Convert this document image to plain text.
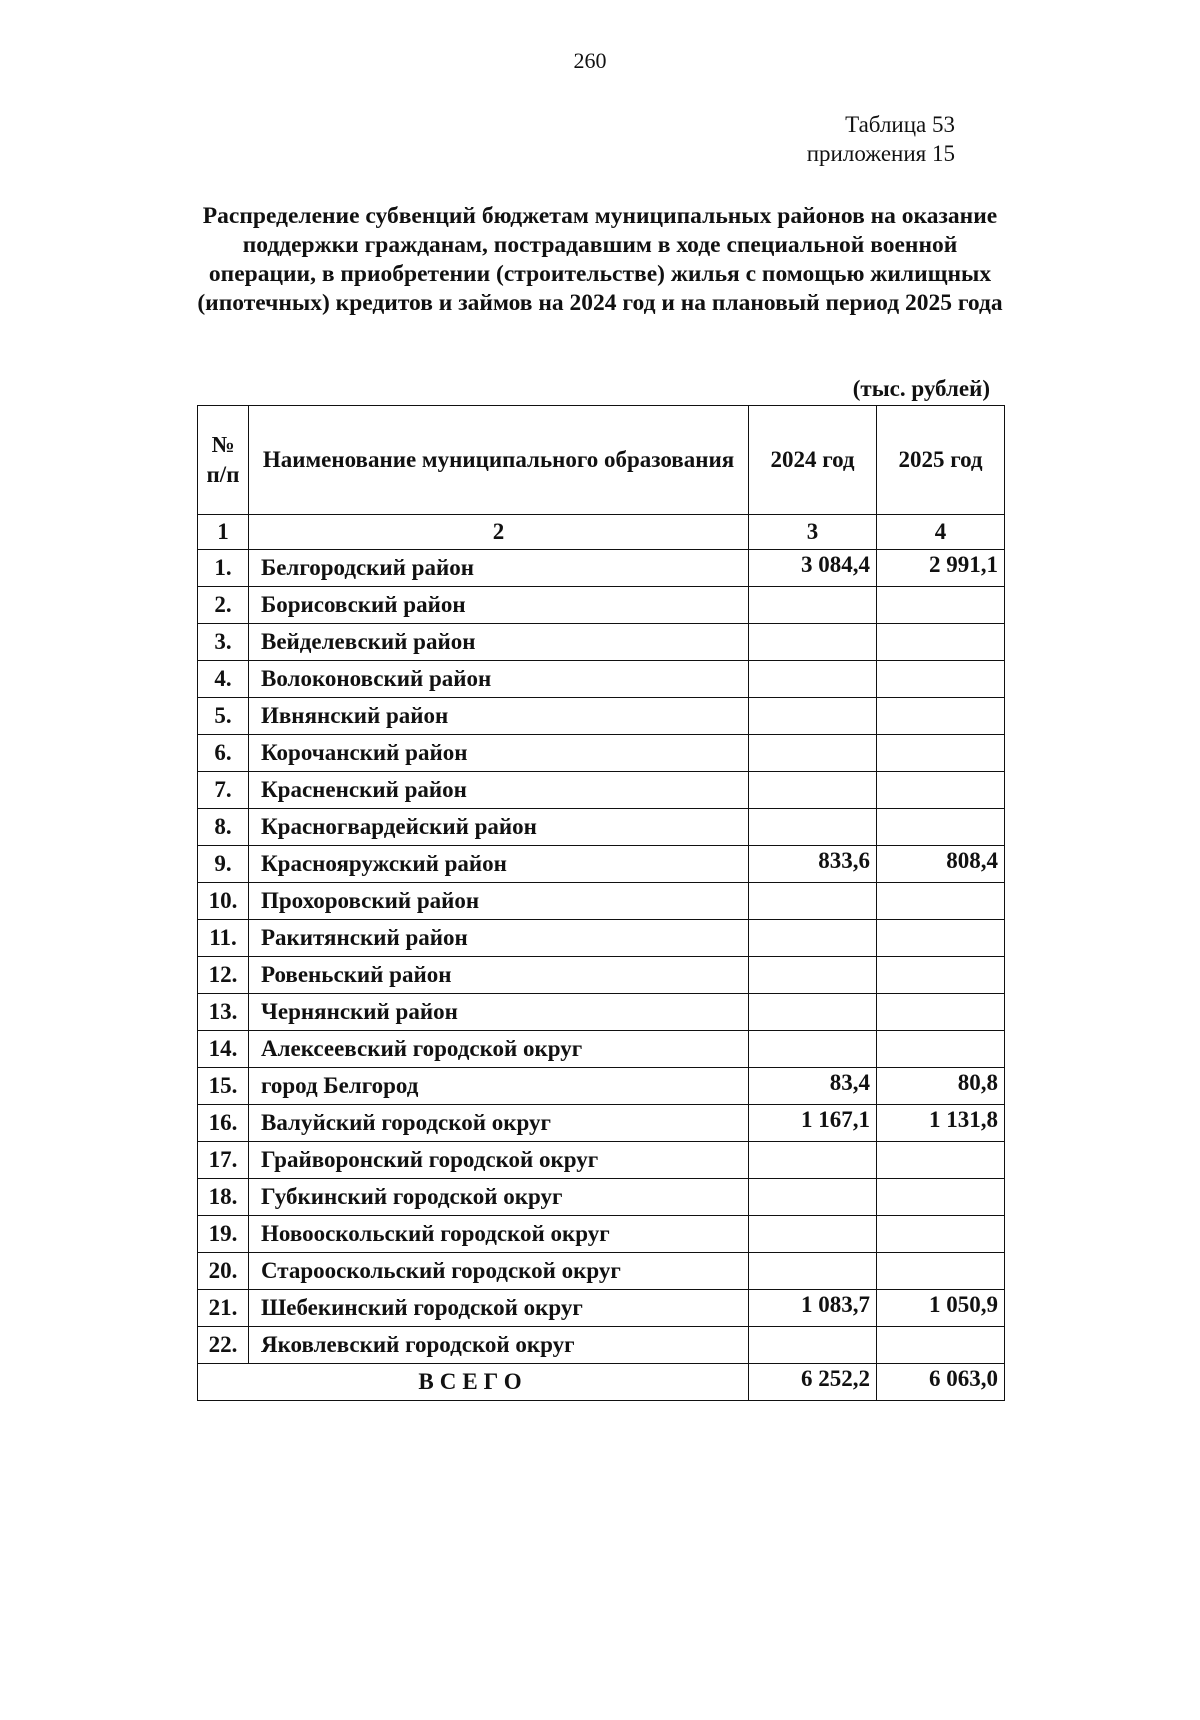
260
Таблица 53
приложения 15
Распределение субвенций бюджетам муниципальных районов на оказание поддержки гражданам, пострадавшим в ходе специальной военной операции, в приобретении (строительстве) жилья с помощью жилищных (ипотечных) кредитов и займов на 2024 год и на плановый период 2025 года
(тыс. рублей)
№ п/п	Наименование муниципального образования	2024 год	2025 год
1	2	3	4
1.	Белгородский район	3 084,4	2 991,1
2.	Борисовский район		
3.	Вейделевский район		
4.	Волоконовский район		
5.	Ивнянский район		
6.	Корочанский район		
7.	Красненский район		
8.	Красногвардейский район		
9.	Краснояружский район	833,6	808,4
10.	Прохоровский район		
11.	Ракитянский район		
12.	Ровеньский район		
13.	Чернянский район		
14.	Алексеевский городской округ		
15.	город Белгород	83,4	80,8
16.	Валуйский городской округ	1 167,1	1 131,8
17.	Грайворонский городской округ		
18.	Губкинский городской округ		
19.	Новооскольский городской округ		
20.	Старооскольский городской округ		
21.	Шебекинский городской округ	1 083,7	1 050,9
22.	Яковлевский городской округ		
ВСЕГО		6 252,2	6 063,0
